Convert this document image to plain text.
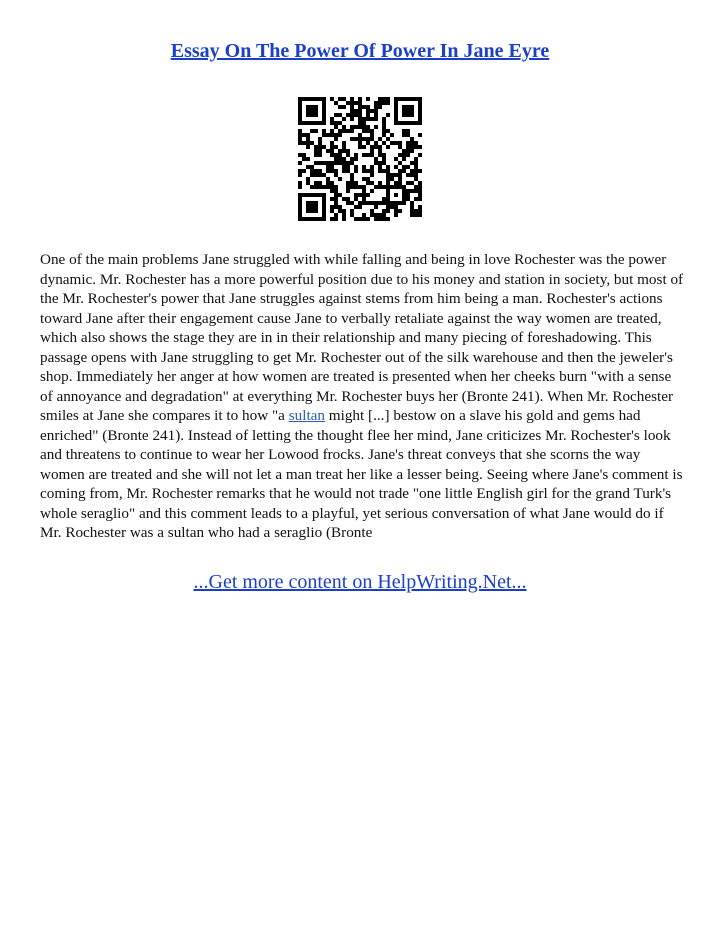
Essay On The Power Of Power In Jane Eyre
One of the main problems Jane struggled with while falling and being in love Rochester was the power dynamic. Mr. Rochester has a more powerful position due to his money and station in society, but most of the Mr. Rochester's power that Jane struggles against stems from him being a man. Rochester's actions toward Jane after their engagement cause Jane to verbally retaliate against the way women are treated, which also shows the stage they are in in their relationship and many piecing of foreshadowing. This passage opens with Jane struggling to get Mr. Rochester out of the silk warehouse and then the jeweler's shop. Immediately her anger at how women are treated is presented when her cheeks burn "with a sense of annoyance and degradation" at everything Mr. Rochester buys her (Bronte 241). When Mr. Rochester smiles at Jane she compares it to how "a sultan might [...] bestow on a slave his gold and gems had enriched" (Bronte 241). Instead of letting the thought flee her mind, Jane criticizes Mr. Rochester's look and threatens to continue to wear her Lowood frocks. Jane's threat conveys that she scorns the way women are treated and she will not let a man treat her like a lesser being. Seeing where Jane's comment is coming from, Mr. Rochester remarks that he would not trade "one little English girl for the grand Turk's whole seraglio" and this comment leads to a playful, yet serious conversation of what Jane would do if Mr. Rochester was a sultan who had a seraglio (Bronte
...Get more content on HelpWriting.Net...
